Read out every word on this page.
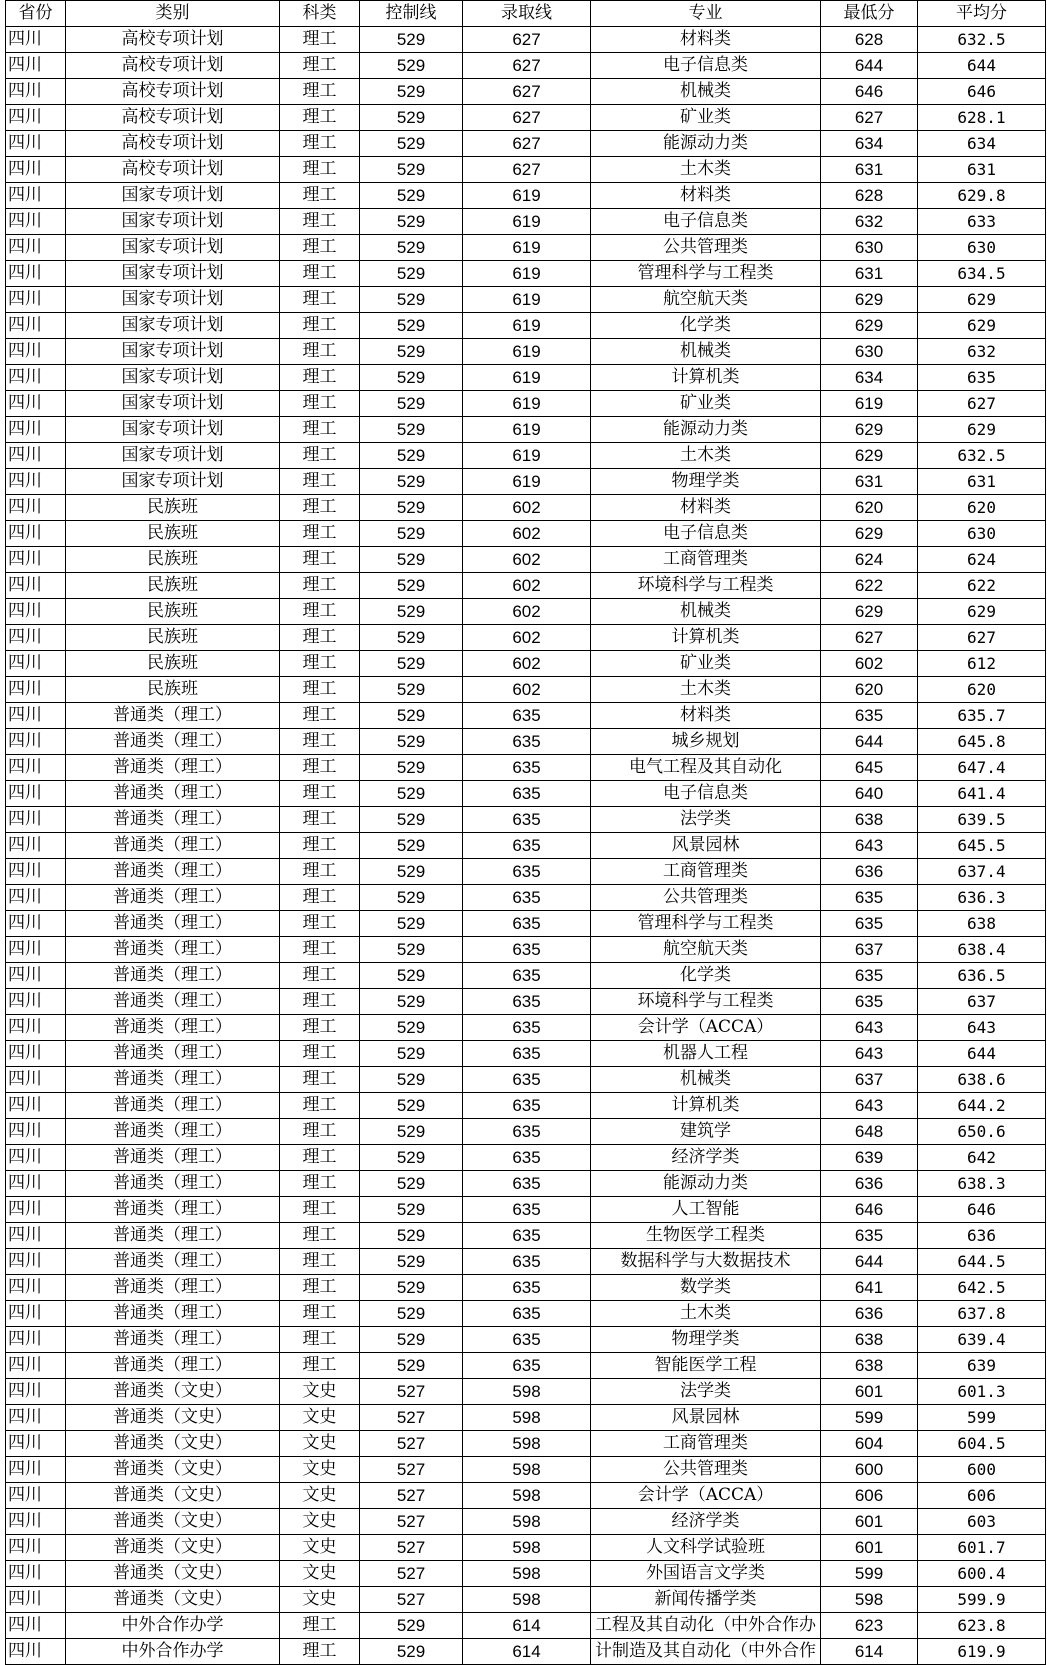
省份	类别	科类	控制线	录取线	专业	最低分	平均分
四川	高校专项计划	理工	529	627	材料类	628	632.5
四川	高校专项计划	理工	529	627	电子信息类	644	644
四川	高校专项计划	理工	529	627	机械类	646	646
四川	高校专项计划	理工	529	627	矿业类	627	628.1
四川	高校专项计划	理工	529	627	能源动力类	634	634
四川	高校专项计划	理工	529	627	土木类	631	631
四川	国家专项计划	理工	529	619	材料类	628	629.8
四川	国家专项计划	理工	529	619	电子信息类	632	633
四川	国家专项计划	理工	529	619	公共管理类	630	630
四川	国家专项计划	理工	529	619	管理科学与工程类	631	634.5
四川	国家专项计划	理工	529	619	航空航天类	629	629
四川	国家专项计划	理工	529	619	化学类	629	629
四川	国家专项计划	理工	529	619	机械类	630	632
四川	国家专项计划	理工	529	619	计算机类	634	635
四川	国家专项计划	理工	529	619	矿业类	619	627
四川	国家专项计划	理工	529	619	能源动力类	629	629
四川	国家专项计划	理工	529	619	土木类	629	632.5
四川	国家专项计划	理工	529	619	物理学类	631	631
四川	民族班	理工	529	602	材料类	620	620
四川	民族班	理工	529	602	电子信息类	629	630
四川	民族班	理工	529	602	工商管理类	624	624
四川	民族班	理工	529	602	环境科学与工程类	622	622
四川	民族班	理工	529	602	机械类	629	629
四川	民族班	理工	529	602	计算机类	627	627
四川	民族班	理工	529	602	矿业类	602	612
四川	民族班	理工	529	602	土木类	620	620
四川	普通类（理工）	理工	529	635	材料类	635	635.7
四川	普通类（理工）	理工	529	635	城乡规划	644	645.8
四川	普通类（理工）	理工	529	635	电气工程及其自动化	645	647.4
四川	普通类（理工）	理工	529	635	电子信息类	640	641.4
四川	普通类（理工）	理工	529	635	法学类	638	639.5
四川	普通类（理工）	理工	529	635	风景园林	643	645.5
四川	普通类（理工）	理工	529	635	工商管理类	636	637.4
四川	普通类（理工）	理工	529	635	公共管理类	635	636.3
四川	普通类（理工）	理工	529	635	管理科学与工程类	635	638
四川	普通类（理工）	理工	529	635	航空航天类	637	638.4
四川	普通类（理工）	理工	529	635	化学类	635	636.5
四川	普通类（理工）	理工	529	635	环境科学与工程类	635	637
四川	普通类（理工）	理工	529	635	会计学（ACCA）	643	643
四川	普通类（理工）	理工	529	635	机器人工程	643	644
四川	普通类（理工）	理工	529	635	机械类	637	638.6
四川	普通类（理工）	理工	529	635	计算机类	643	644.2
四川	普通类（理工）	理工	529	635	建筑学	648	650.6
四川	普通类（理工）	理工	529	635	经济学类	639	642
四川	普通类（理工）	理工	529	635	能源动力类	636	638.3
四川	普通类（理工）	理工	529	635	人工智能	646	646
四川	普通类（理工）	理工	529	635	生物医学工程类	635	636
四川	普通类（理工）	理工	529	635	数据科学与大数据技术	644	644.5
四川	普通类（理工）	理工	529	635	数学类	641	642.5
四川	普通类（理工）	理工	529	635	土木类	636	637.8
四川	普通类（理工）	理工	529	635	物理学类	638	639.4
四川	普通类（理工）	理工	529	635	智能医学工程	638	639
四川	普通类（文史）	文史	527	598	法学类	601	601.3
四川	普通类（文史）	文史	527	598	风景园林	599	599
四川	普通类（文史）	文史	527	598	工商管理类	604	604.5
四川	普通类（文史）	文史	527	598	公共管理类	600	600
四川	普通类（文史）	文史	527	598	会计学（ACCA）	606	606
四川	普通类（文史）	文史	527	598	经济学类	601	603
四川	普通类（文史）	文史	527	598	人文科学试验班	601	601.7
四川	普通类（文史）	文史	527	598	外国语言文学类	599	600.4
四川	普通类（文史）	文史	527	598	新闻传播学类	598	599.9
四川	中外合作办学	理工	529	614	工程及其自动化（中外合作办	623	623.8
四川	中外合作办学	理工	529	614	计制造及其自动化（中外合作	614	619.9
